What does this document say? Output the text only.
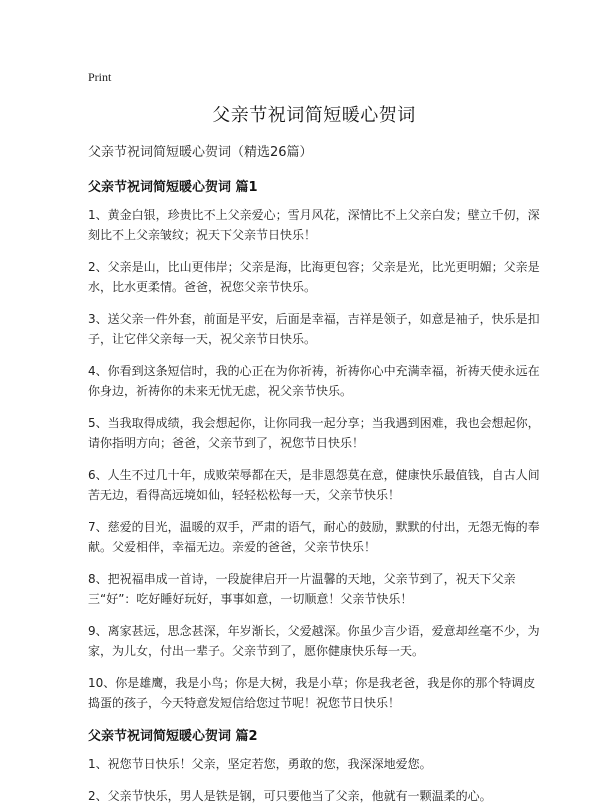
Print
父亲节祝词简短暖心贺词
父亲节祝词简短暖心贺词（精选26篇）
父亲节祝词简短暖心贺词 篇1

1、黄金白银，珍贵比不上父亲爱心；雪月风花，深情比不上父亲白发；壁立千仞，深刻比不上父亲皱纹；祝天下父亲节日快乐！

2、父亲是山，比山更伟岸；父亲是海，比海更包容；父亲是光，比光更明媚；父亲是水，比水更柔情。爸爸，祝您父亲节快乐。

3、送父亲一件外套，前面是平安，后面是幸福，吉祥是领子，如意是袖子，快乐是扣子，让它伴父亲每一天，祝父亲节日快乐。

4、你看到这条短信时，我的心正在为你祈祷，祈祷你心中充满幸福，祈祷天使永远在你身边，祈祷你的未来无忧无虑，祝父亲节快乐。

5、当我取得成绩，我会想起你，让你同我一起分享；当我遇到困难，我也会想起你，请你指明方向；爸爸，父亲节到了，祝您节日快乐！

6、人生不过几十年，成败荣辱都在天，是非恩怨莫在意，健康快乐最值钱，自古人间苦无边，看得高远境如仙，轻轻松松每一天，父亲节快乐！

7、慈爱的目光，温暖的双手，严肃的语气，耐心的鼓励，默默的付出，无怨无悔的奉献。父爱相伴，幸福无边。亲爱的爸爸，父亲节快乐！

8、把祝福串成一首诗，一段旋律启开一片温馨的天地，父亲节到了，祝天下父亲三“好”：吃好睡好玩好，事事如意，一切顺意！父亲节快乐！

9、离家甚远，思念甚深，年岁渐长，父爱越深。你虽少言少语，爱意却丝毫不少，为家，为儿女，付出一辈子。父亲节到了，愿你健康快乐每一天。

10、你是雄鹰，我是小鸟；你是大树，我是小草；你是我老爸，我是你的那个特调皮捣蛋的孩子，今天特意发短信给您过节呢！祝您节日快乐！

父亲节祝词简短暖心贺词 篇2

1、祝您节日快乐！父亲，坚定若您，勇敢的您，我深深地爱您。

2、父亲节快乐，男人是铁是钢，可只要他当了父亲，他就有一颗温柔的心。
